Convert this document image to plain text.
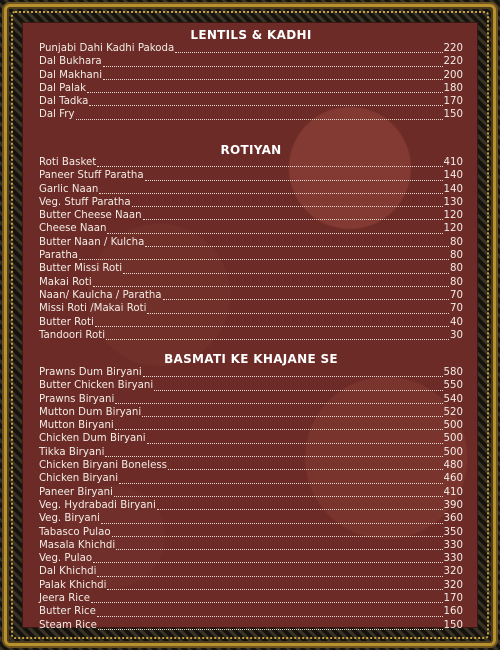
LENTILS & KADHI
Punjabi Dahi Kadhi Pakoda	220
Dal Bukhara	220
Dal Makhani	200
Dal Palak	180
Dal Tadka	170
Dal Fry	150
ROTIYAN
Roti Basket	410
Paneer Stuff Paratha	140
Garlic Naan	140
Veg. Stuff Paratha	130
Butter Cheese Naan	120
Cheese Naan	120
Butter Naan / Kulcha	80
Paratha	80
Butter Missi Roti	80
Makai Roti	80
Naan/ Kaulcha / Paratha	70
Missi Roti /Makai Roti	70
Butter Roti	40
Tandoori Roti	30
BASMATI KE KHAJANE SE
Prawns Dum Biryani	580
Butter Chicken Biryani	550
Prawns Biryani	540
Mutton Dum Biryani	520
Mutton Biryani	500
Chicken Dum Biryani	500
Tikka Biryani	500
Chicken Biryani Boneless	480
Chicken Biryani	460
Paneer Biryani	410
Veg. Hydrabadi Biryani	390
Veg. Biryani	360
Tabasco Pulao	350
Masala Khichdi	330
Veg. Pulao	330
Dal Khichdi	320
Palak Khichdi	320
Jeera Rice	170
Butter Rice	160
Steam Rice	150
